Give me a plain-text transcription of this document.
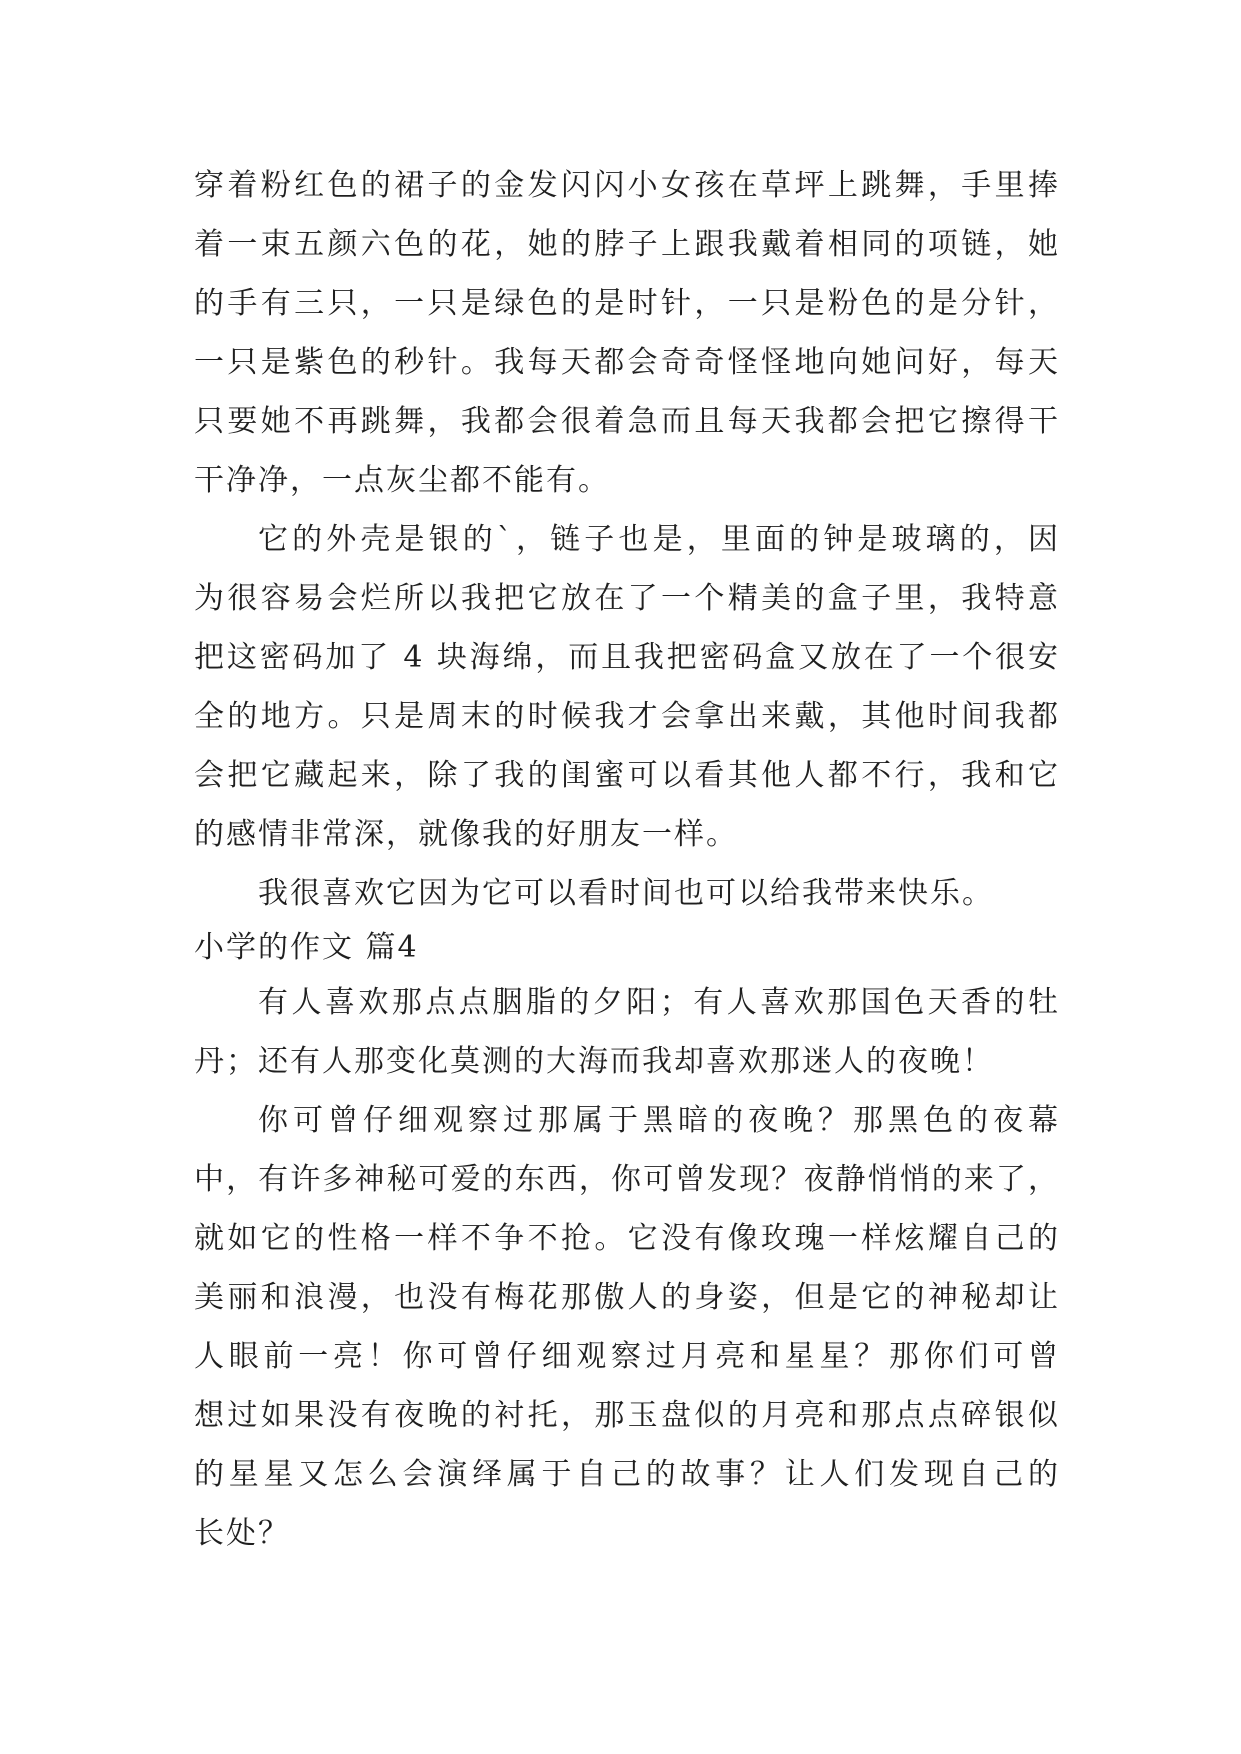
穿着粉红色的裙子的金发闪闪小女孩在草坪上跳舞，手里捧
着一束五颜六色的花，她的脖子上跟我戴着相同的项链，她
的手有三只，一只是绿色的是时针，一只是粉色的是分针，
一只是紫色的秒针。我每天都会奇奇怪怪地向她问好，每天
只要她不再跳舞，我都会很着急而且每天我都会把它擦得干
干净净，一点灰尘都不能有。
它的外壳是银的`，链子也是，里面的钟是玻璃的，因
为很容易会烂所以我把它放在了一个精美的盒子里，我特意
把这密码加了 4 块海绵，而且我把密码盒又放在了一个很安
全的地方。只是周末的时候我才会拿出来戴，其他时间我都
会把它藏起来，除了我的闺蜜可以看其他人都不行，我和它
的感情非常深，就像我的好朋友一样。
我很喜欢它因为它可以看时间也可以给我带来快乐。
小学的作文 篇4
有人喜欢那点点胭脂的夕阳；有人喜欢那国色天香的牡
丹；还有人那变化莫测的大海而我却喜欢那迷人的夜晚！
你可曾仔细观察过那属于黑暗的夜晚？那黑色的夜幕
中，有许多神秘可爱的东西，你可曾发现？夜静悄悄的来了，
就如它的性格一样不争不抢。它没有像玫瑰一样炫耀自己的
美丽和浪漫，也没有梅花那傲人的身姿，但是它的神秘却让
人眼前一亮！你可曾仔细观察过月亮和星星？那你们可曾
想过如果没有夜晚的衬托，那玉盘似的月亮和那点点碎银似
的星星又怎么会演绎属于自己的故事？让人们发现自己的
长处？
